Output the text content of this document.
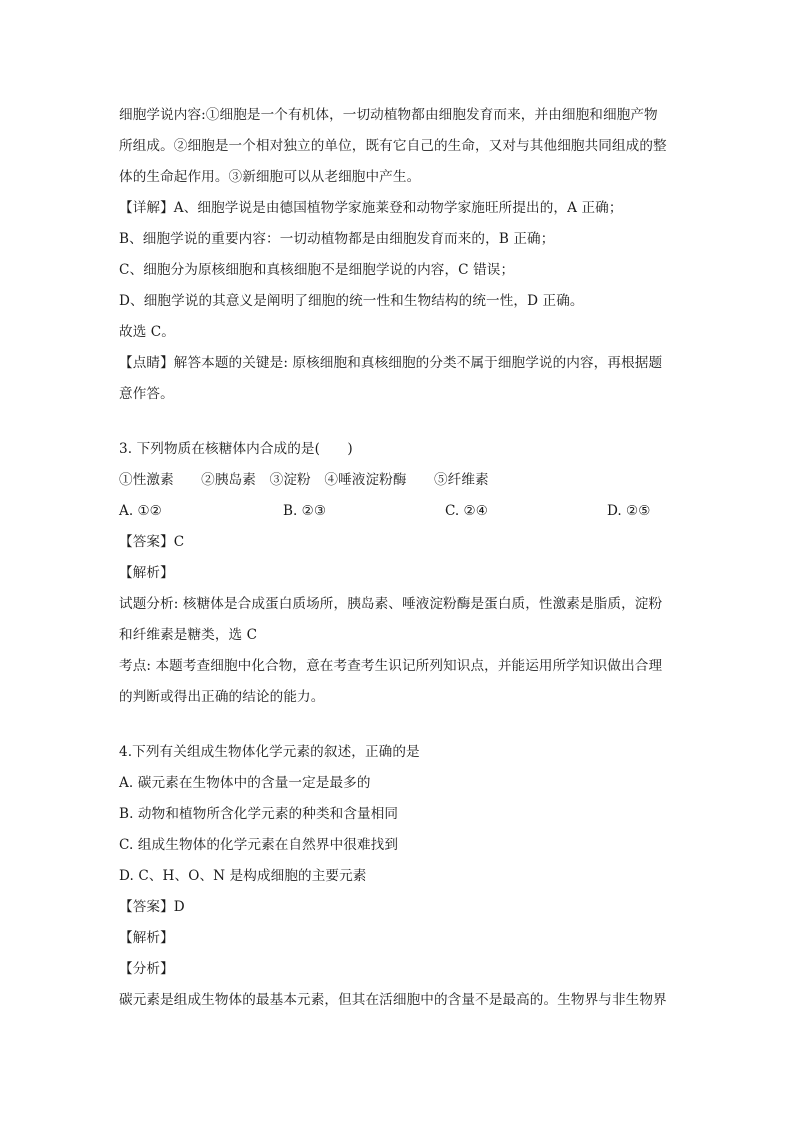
细胞学说内容:①细胞是一个有机体，一切动植物都由细胞发育而来，并由细胞和细胞产物
所组成。②细胞是一个相对独立的单位，既有它自己的生命，又对与其他细胞共同组成的整
体的生命起作用。③新细胞可以从老细胞中产生。
【详解】A、细胞学说是由德国植物学家施莱登和动物学家施旺所提出的，A 正确；
B、细胞学说的重要内容：一切动植物都是由细胞发育而来的，B 正确；
C、细胞分为原核细胞和真核细胞不是细胞学说的内容，C 错误；
D、细胞学说的其意义是阐明了细胞的统一性和生物结构的统一性，D 正确。
故选 C。
【点睛】解答本题的关键是: 原核细胞和真核细胞的分类不属于细胞学说的内容，再根据题
意作答。
3. 下列物质在核糖体内合成的是(　　)
①性激素　　②胰岛素　③淀粉　④唾液淀粉酶　　⑤纤维素
A. ①②	B. ②③	C. ②④	D. ②⑤
【答案】C
【解析】
试题分析: 核糖体是合成蛋白质场所，胰岛素、唾液淀粉酶是蛋白质，性激素是脂质，淀粉
和纤维素是糖类，选 C
考点: 本题考查细胞中化合物，意在考查考生识记所列知识点，并能运用所学知识做出合理
的判断或得出正确的结论的能力。
4.下列有关组成生物体化学元素的叙述，正确的是
A. 碳元素在生物体中的含量一定是最多的
B. 动物和植物所含化学元素的种类和含量相同
C. 组成生物体的化学元素在自然界中很难找到
D. C、H、O、N 是构成细胞的主要元素
【答案】D
【解析】
【分析】
碳元素是组成生物体的最基本元素，但其在活细胞中的含量不是最高的。生物界与非生物界
